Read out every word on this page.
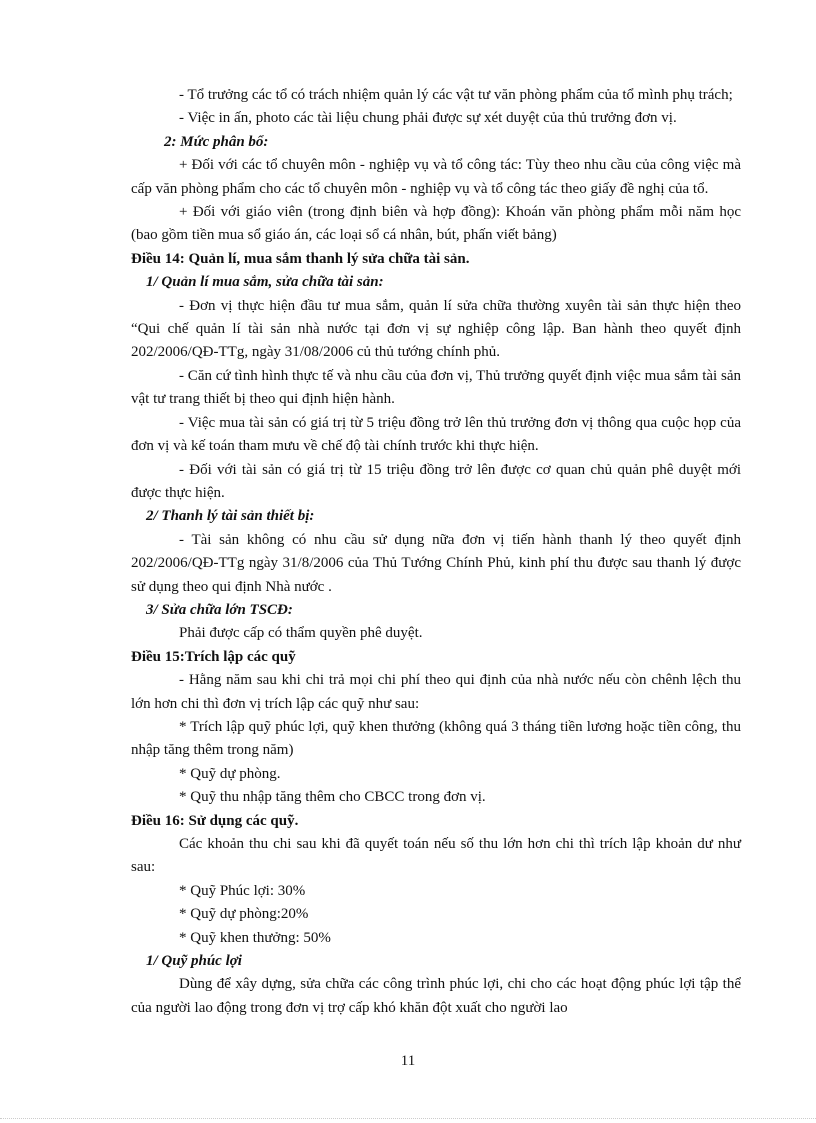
- Tổ trưởng các tổ có trách nhiệm quản lý các vật tư văn phòng phẩm của tổ mình phụ trách;

- Việc in ấn, photo các tài liệu chung phải được sự xét duyệt của thủ trưởng đơn vị.

2: Mức phân bổ:

+ Đối với các tổ chuyên môn - nghiệp vụ và tổ công tác: Tùy theo nhu cầu của công việc mà cấp văn phòng phẩm cho các tổ chuyên môn - nghiệp vụ và tổ công tác theo giấy đề nghị của tổ.

+ Đối với giáo viên (trong định biên và hợp đồng): Khoán văn phòng phẩm mỗi năm học (bao gồm tiền mua sổ giáo án, các loại sổ cá nhân, bút, phấn viết bảng)

Điều 14: Quản lí, mua sắm thanh lý sửa chữa tài sản.

1/ Quản lí mua sắm, sửa chữa tài sản:

- Đơn vị thực hiện đầu tư mua sắm, quản lí sửa chữa thường xuyên tài sản thực hiện theo “Qui chế quản lí tài sản nhà nước tại đơn vị sự nghiệp công lập. Ban hành theo quyết định 202/2006/QĐ-TTg, ngày 31/08/2006 củ thủ tướng chính phủ.

- Căn cứ tình hình thực tế và nhu cầu của đơn vị, Thủ trưởng quyết định việc mua sắm tài sản vật tư trang thiết bị theo qui định hiện hành.

- Việc mua tài sản có giá trị từ 5 triệu đồng trở lên thủ trưởng đơn vị thông qua cuộc họp của đơn vị và kế toán tham mưu về chế độ tài chính trước khi thực hiện.

- Đối với tài sản có giá trị từ 15 triệu đồng trở lên được cơ quan chủ quản phê duyệt mới được thực hiện.

2/ Thanh lý tài sản thiết bị:

- Tài sản không có nhu cầu sử dụng nữa đơn vị tiến hành thanh lý theo quyết định 202/2006/QĐ-TTg ngày 31/8/2006 của Thủ Tướng Chính Phủ, kinh phí thu được sau thanh lý được sử dụng theo qui định Nhà nước .

3/ Sửa chữa lớn TSCĐ:

Phải được cấp có thẩm quyền phê duyệt.

Điều 15:Trích lập các quỹ

- Hằng năm sau khi chi trả mọi chi phí theo qui định của nhà nước nếu còn chênh lệch thu lớn hơn chi thì đơn vị trích lập các quỹ như sau:

* Trích lập quỹ phúc lợi, quỹ khen thưởng (không quá 3 tháng tiền lương hoặc tiền công, thu nhập tăng thêm trong năm)

* Quỹ dự phòng.

* Quỹ thu nhập tăng thêm cho CBCC trong đơn vị.

Điều 16: Sử dụng các quỹ.

Các khoản thu chi sau khi đã quyết toán nếu số thu lớn hơn chi thì trích lập khoản dư như sau:

* Quỹ Phúc lợi: 30%

* Quỹ dự phòng:20%

* Quỹ khen thưởng: 50%

1/ Quỹ phúc lợi

Dùng để xây dựng, sửa chữa các công trình phúc lợi, chi cho các hoạt động phúc lợi tập thể của người lao động trong đơn vị trợ cấp khó khăn đột xuất cho người lao

11
